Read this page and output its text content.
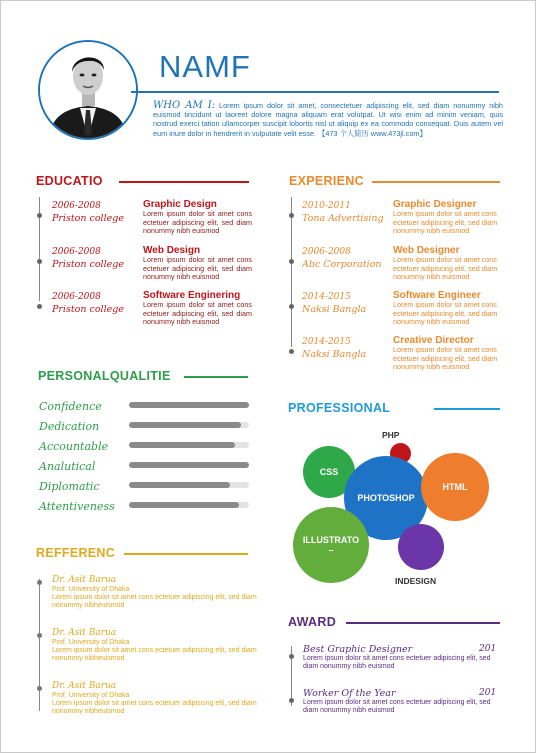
NAMF
WHO AM I: Lorem ipsum dolor sit amet, consectetuer adipiscing elit, sed diam nonummy nibh euismod tincidunt ut laoreet dolore magna aliquam erat volutpat. Ut wisi enim ad minim veniam, quis nostrud exerci tation ullamcorper suscipit lobortis nisl ut aliquip ex ea commodo consequat. Duis autem vel eum iriure dolor in hendrerit in vulputate velit esse. 【473 个人简历 www.473jl.com】
EDUCATIO
2006-2008
Priston college
Graphic Design
Lorem ipsum dolor sit amet cons ectetuer adipiscing elit, sed diam nonummy nibh euismod
2006-2008
Priston college
Web Design
Lorem ipsum dolor sit amet cons ectetuer adipiscing elit, sed diam nonummy nibh euismod
2006-2008
Priston college
Software Enginering
Lorem ipsum dolor sit amet cons ectetuer adipiscing elit, sed diam nonummy nibh euismod
EXPERIENC
2010-2011
Tona Advertising
Graphic Designer
Lorem ipsum dolor sit amet cons ectetuer adipiscing elit, sed diam nonummy nibh euismod
2006-2008
Abc Corporation
Web Designer
Lorem ipsum dolor sit amet cons ectetuer adipiscing elit, sed diam nonummy nibh euismod
2014-2015
Naksi Bangla
Software Engineer
Lorem ipsum dolor sit amet cons ectetuer adipiscing elit, sed diam nonummy nibh euismod
2014-2015
Naksi Bangla
Creative Director
Lorem ipsum dolor sit amet cons ectetuer adipiscing elit, sed diam nonummy nibh euismod
PERSONALQUALITIE
Confidence
Dedication
Accountable
Analutical
Diplomatic
Attentiveness
PROFESSIONAL
CSS
PHP
PHOTOSHOP
HTML
ILLUSTRATO
–
INDESIGN
REFFERENC
Dr. Asit Barua
Prof. University of Dhaka
Lorem ipsum dolor sit amet cons ectetuer adipiscing elit, sed diam nonummy nibheuismod
Dr. Asit Barua
Prof. University of Dhaka
Lorem ipsum dolor sit amet cons ectetuer adipiscing elit, sed diam nonummy nibheuismod
Dr. Asit Barua
Prof. University of Dhaka
Lorem ipsum dolor sit amet cons ectetuer adipiscing elit, sed diam nonummy nibheuismod
AWARD
Best Graphic Designer	201
Lorem ipsum dolor sit amet cons ectetuer adipiscing elit, sed diam nonummy nibh euismod
Worker Of the Year	201
Lorem ipsum dolor sit amet cons ectetuer adipiscing elit, sed diam nonummy nibh euismod
